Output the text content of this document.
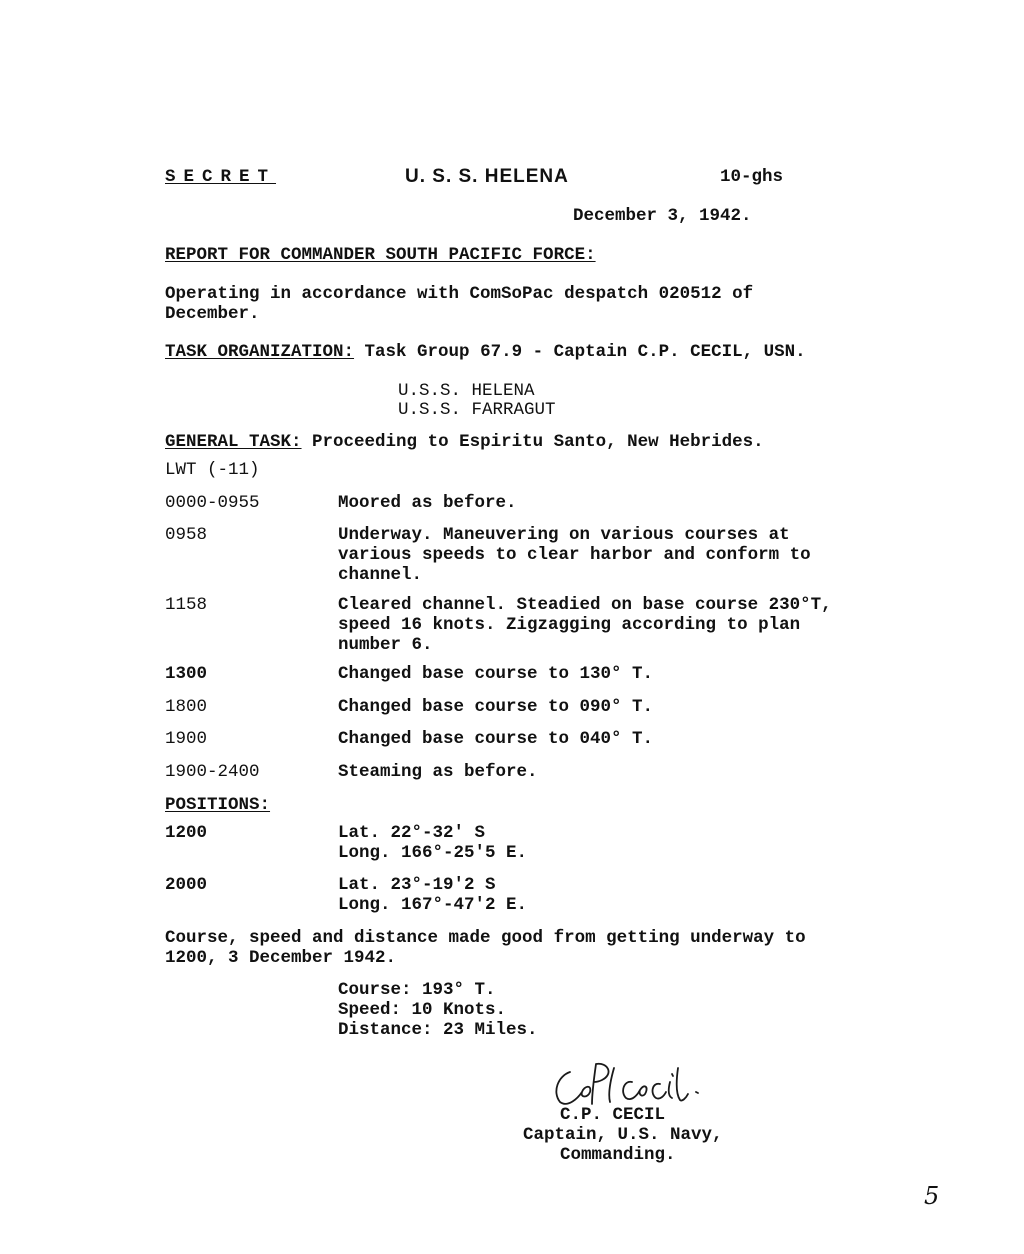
SECRET	U. S. S. HELENA	10-ghs
December 3, 1942.
REPORT FOR COMMANDER SOUTH PACIFIC FORCE:
Operating in accordance with ComSoPac despatch 020512 of
December.
TASK ORGANIZATION: Task Group 67.9 - Captain C.P. CECIL, USN.
U.S.S. HELENA
U.S.S. FARRAGUT
GENERAL TASK: Proceeding to Espiritu Santo, New Hebrides.
LWT (-11)
0000-0955	Moored as before.
0958	Underway. Maneuvering on various courses at
various speeds to clear harbor and conform to
channel.
1158	Cleared channel. Steadied on base course 230°T,
speed 16 knots. Zigzagging according to plan
number 6.
1300	Changed base course to 130° T.
1800	Changed base course to 090° T.
1900	Changed base course to 040° T.
1900-2400	Steaming as before.
POSITIONS:
1200	Lat. 22°-32' S
Long. 166°-25'5 E.
2000	Lat. 23°-19'2 S
Long. 167°-47'2 E.
Course, speed and distance made good from getting underway to
1200, 3 December 1942.
Course: 193° T.
Speed: 10 Knots.
Distance: 23 Miles.
C.P. CECIL
Captain, U.S. Navy,
Commanding.
5
